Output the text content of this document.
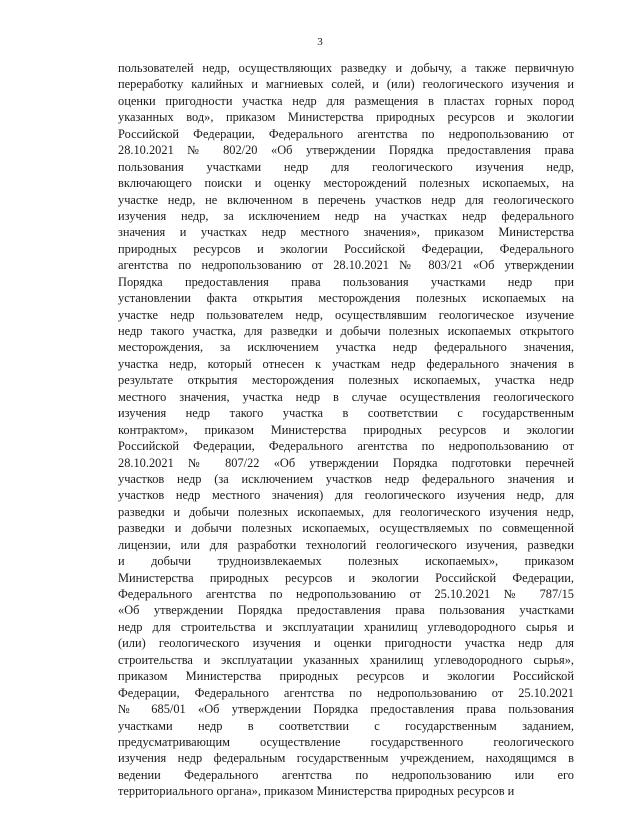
3
пользователей недр, осуществляющих разведку и добычу, а также первичную
переработку калийных и магниевых солей, и (или) геологического изучения и
оценки пригодности участка недр для размещения в пластах горных пород
указанных вод», приказом Министерства природных ресурсов и экологии
Российской Федерации, Федерального агентства по недропользованию от
28.10.2021 № 802/20 «Об утверждении Порядка предоставления права
пользования участками недр для геологического изучения недр,
включающего поиски и оценку месторождений полезных ископаемых, на
участке недр, не включенном в перечень участков недр для геологического
изучения недр, за исключением недр на участках недр федерального
значения и участках недр местного значения», приказом Министерства
природных ресурсов и экологии Российской Федерации, Федерального
агентства по недропользованию от 28.10.2021 № 803/21 «Об утверждении
Порядка предоставления права пользования участками недр при
установлении факта открытия месторождения полезных ископаемых на
участке недр пользователем недр, осуществлявшим геологическое изучение
недр такого участка, для разведки и добычи полезных ископаемых открытого
месторождения, за исключением участка недр федерального значения,
участка недр, который отнесен к участкам недр федерального значения в
результате открытия месторождения полезных ископаемых, участка недр
местного значения, участка недр в случае осуществления геологического
изучения недр такого участка в соответствии с государственным
контрактом», приказом Министерства природных ресурсов и экологии
Российской Федерации, Федерального агентства по недропользованию от
28.10.2021 № 807/22 «Об утверждении Порядка подготовки перечней
участков недр (за исключением участков недр федерального значения и
участков недр местного значения) для геологического изучения недр, для
разведки и добычи полезных ископаемых, для геологического изучения недр,
разведки и добычи полезных ископаемых, осуществляемых по совмещенной
лицензии, или для разработки технологий геологического изучения, разведки
и добычи трудноизвлекаемых полезных ископаемых», приказом
Министерства природных ресурсов и экологии Российской Федерации,
Федерального агентства по недропользованию от 25.10.2021 № 787/15
«Об утверждении Порядка предоставления права пользования участками
недр для строительства и эксплуатации хранилищ углеводородного сырья и
(или) геологического изучения и оценки пригодности участка недр для
строительства и эксплуатации указанных хранилищ углеводородного сырья»,
приказом Министерства природных ресурсов и экологии Российской
Федерации, Федерального агентства по недропользованию от 25.10.2021
№ 685/01 «Об утверждении Порядка предоставления права пользования
участками недр в соответствии с государственным заданием,
предусматривающим осуществление государственного геологического
изучения недр федеральным государственным учреждением, находящимся в
ведении Федерального агентства по недропользованию или его
территориального органа», приказом Министерства природных ресурсов и
